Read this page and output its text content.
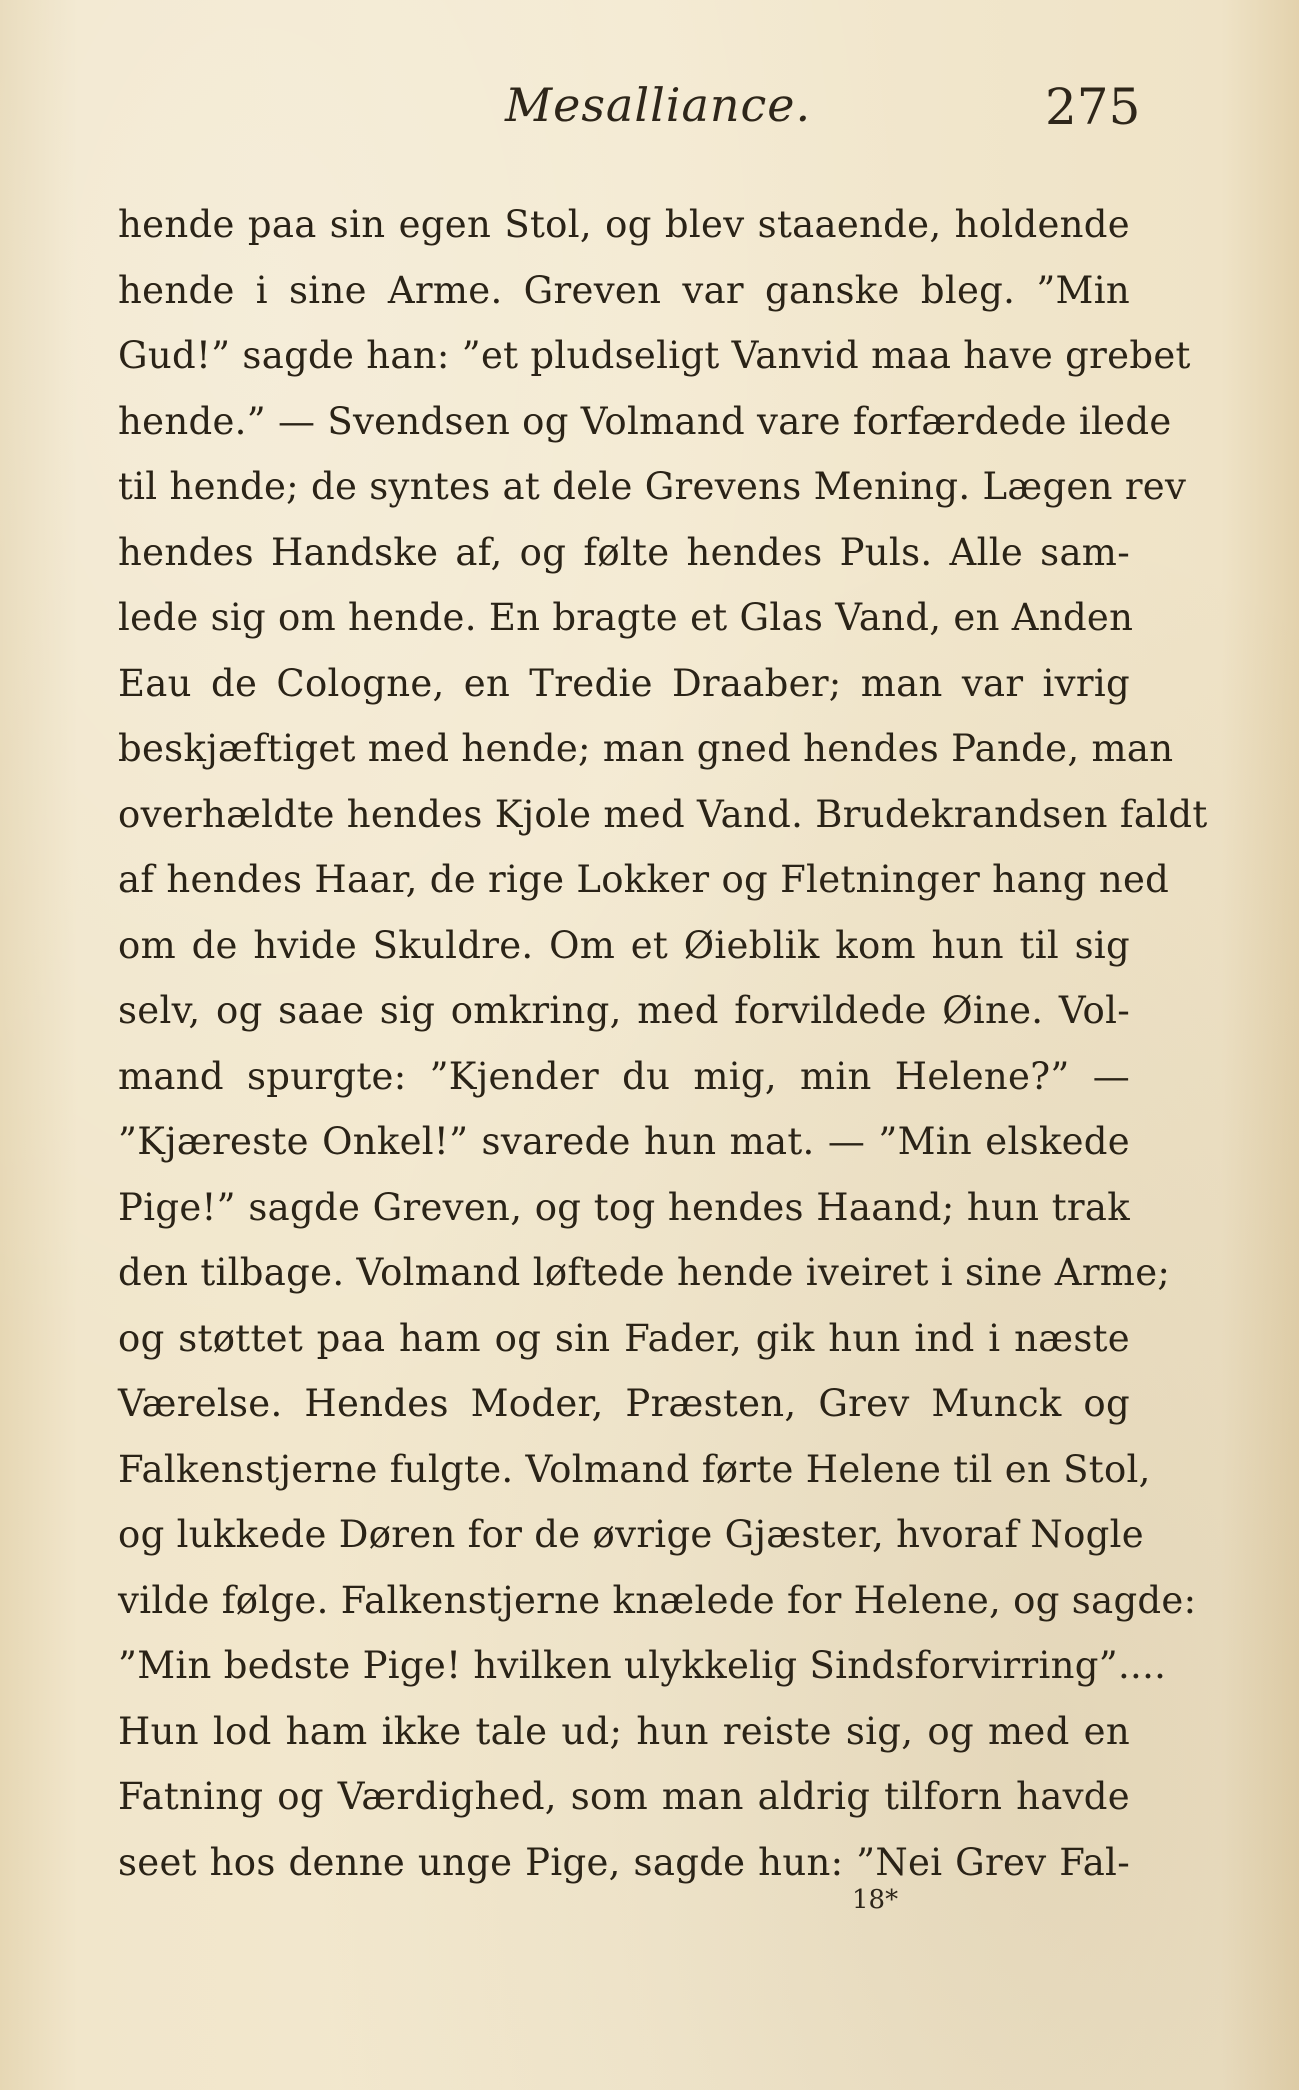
Mesalliance.	275
hende paa sin egen Stol, og blev staaende, holdende
hende i sine Arme. Greven var ganske bleg. ”Min
Gud!” sagde han: ”et pludseligt Vanvid maa have grebet
hende.” — Svendsen og Volmand vare forfærdede ilede
til hende; de syntes at dele Grevens Mening. Lægen rev
hendes Handske af, og følte hendes Puls. Alle sam-
lede sig om hende. En bragte et Glas Vand, en Anden
Eau de Cologne, en Tredie Draaber; man var ivrig
beskjæftiget med hende; man gned hendes Pande, man
overhældte hendes Kjole med Vand. Brudekrandsen faldt
af hendes Haar, de rige Lokker og Fletninger hang ned
om de hvide Skuldre. Om et Øieblik kom hun til sig
selv, og saae sig omkring, med forvildede Øine. Vol-
mand spurgte: ”Kjender du mig, min Helene?” —
”Kjæreste Onkel!” svarede hun mat. — ”Min elskede
Pige!” sagde Greven, og tog hendes Haand; hun trak
den tilbage. Volmand løftede hende iveiret i sine Arme;
og støttet paa ham og sin Fader, gik hun ind i næste
Værelse. Hendes Moder, Præsten, Grev Munck og
Falkenstjerne fulgte. Volmand førte Helene til en Stol,
og lukkede Døren for de øvrige Gjæster, hvoraf Nogle
vilde følge. Falkenstjerne knælede for Helene, og sagde:
”Min bedste Pige! hvilken ulykkelig Sindsforvirring”....
Hun lod ham ikke tale ud; hun reiste sig, og med en
Fatning og Værdighed, som man aldrig tilforn havde
seet hos denne unge Pige, sagde hun: ”Nei Grev Fal-
18*
